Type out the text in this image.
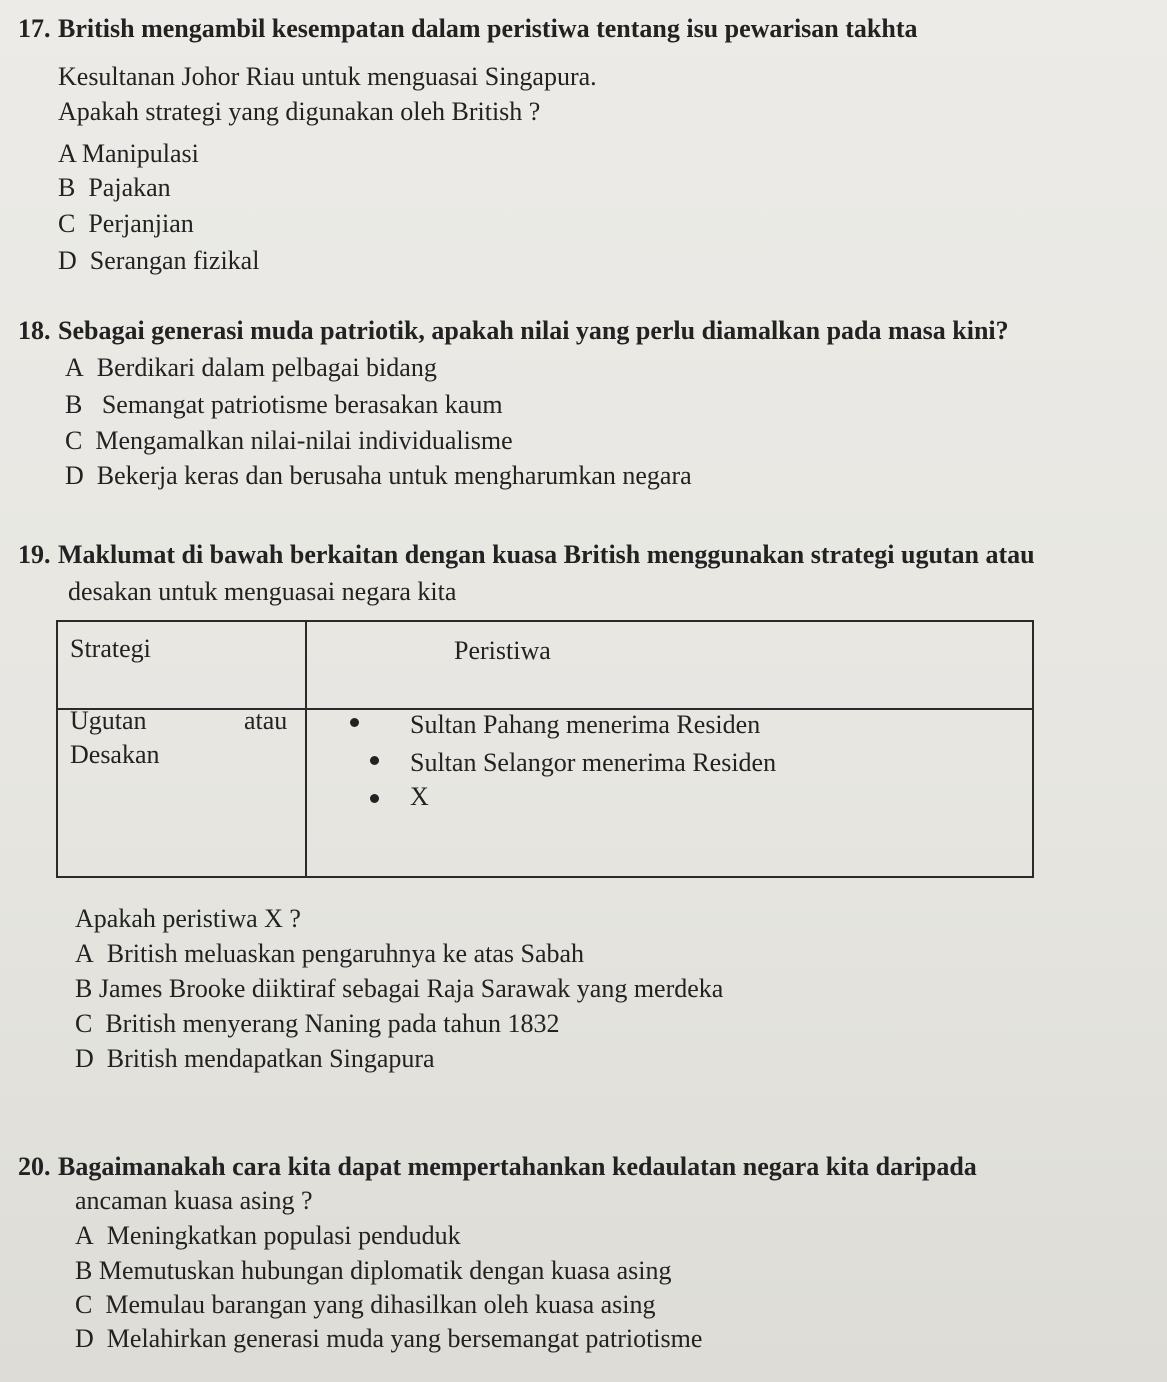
17. British mengambil kesempatan dalam peristiwa tentang isu pewarisan takhta
Kesultanan Johor Riau untuk menguasai Singapura.
Apakah strategi yang digunakan oleh British ?
A Manipulasi
B Pajakan
C Perjanjian
D Serangan fizikal
18. Sebagai generasi muda patriotik, apakah nilai yang perlu diamalkan pada masa kini?
A Berdikari dalam pelbagai bidang
B Semangat patriotisme berasakan kaum
C Mengamalkan nilai-nilai individualisme
D Bekerja keras dan berusaha untuk mengharumkan negara
19. Maklumat di bawah berkaitan dengan kuasa British menggunakan strategi ugutan atau
desakan untuk menguasai negara kita
Strategi	Peristiwa
Ugutan	atau
Desakan
Sultan Pahang menerima Residen
Sultan Selangor menerima Residen
X
Apakah peristiwa X ?
A British meluaskan pengaruhnya ke atas Sabah
B James Brooke diiktiraf sebagai Raja Sarawak yang merdeka
C British menyerang Naning pada tahun 1832
D British mendapatkan Singapura
20. Bagaimanakah cara kita dapat mempertahankan kedaulatan negara kita daripada
ancaman kuasa asing ?
A Meningkatkan populasi penduduk
B Memutuskan hubungan diplomatik dengan kuasa asing
C Memulau barangan yang dihasilkan oleh kuasa asing
D Melahirkan generasi muda yang bersemangat patriotisme
